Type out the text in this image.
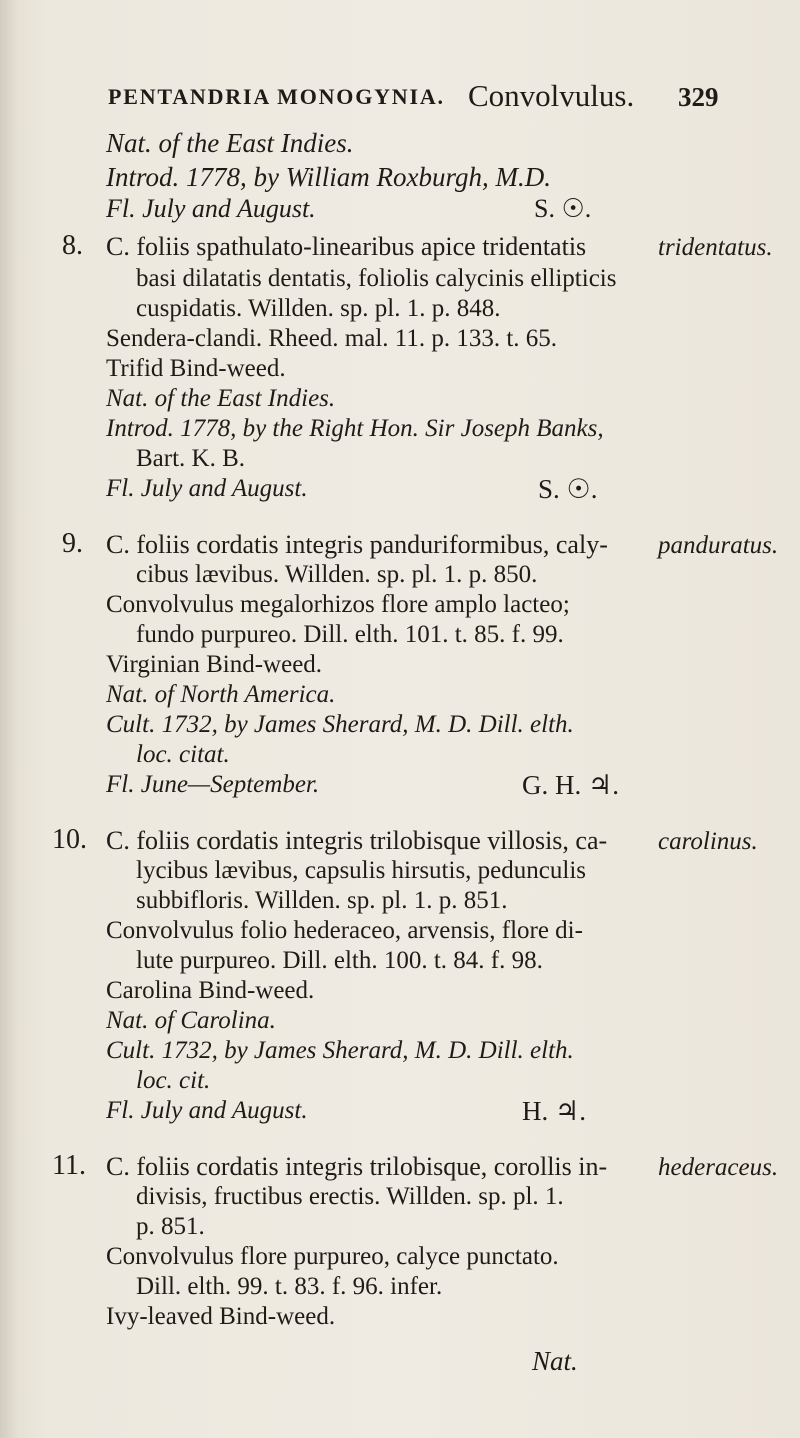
PENTANDRIA MONOGYNIA. Convolvulus. 329
Nat. of the East Indies.
Introd. 1778, by William Roxburgh, M.D.
Fl. July and August.	S. ☉.
8. C. foliis spathulato-linearibus apice tridentatis	tridentatus.
basi dilatatis dentatis, foliolis calycinis ellipticis
cuspidatis. Willden. sp. pl. 1. p. 848.
Sendera-clandi. Rheed. mal. 11. p. 133. t. 65.
Trifid Bind-weed.
Nat. of the East Indies.
Introd. 1778, by the Right Hon. Sir Joseph Banks,
Bart. K. B.
Fl. July and August.	S. ☉.
9. C. foliis cordatis integris panduriformibus, caly- panduratus.
cibus lævibus. Willden. sp. pl. 1. p. 850.
Convolvulus megalorhizos flore amplo lacteo;
fundo purpureo. Dill. elth. 101. t. 85. f. 99.
Virginian Bind-weed.
Nat. of North America.
Cult. 1732, by James Sherard, M. D. Dill. elth.
loc. citat.
Fl. June—September.	G. H. ♃.
10. C. foliis cordatis integris trilobisque villosis, ca- carolinus.
lycibus lævibus, capsulis hirsutis, pedunculis
subbifloris. Willden. sp. pl. 1. p. 851.
Convolvulus folio hederaceo, arvensis, flore di-
lute purpureo. Dill. elth. 100. t. 84. f. 98.
Carolina Bind-weed.
Nat. of Carolina.
Cult. 1732, by James Sherard, M. D. Dill. elth.
loc. cit.
Fl. July and August.	H. ♃.
11. C. foliis cordatis integris trilobisque, corollis in- hederaceus.
divisis, fructibus erectis. Willden. sp. pl. 1.
p. 851.
Convolvulus flore purpureo, calyce punctato.
Dill. elth. 99. t. 83. f. 96. infer.
Ivy-leaved Bind-weed.
Nat.
